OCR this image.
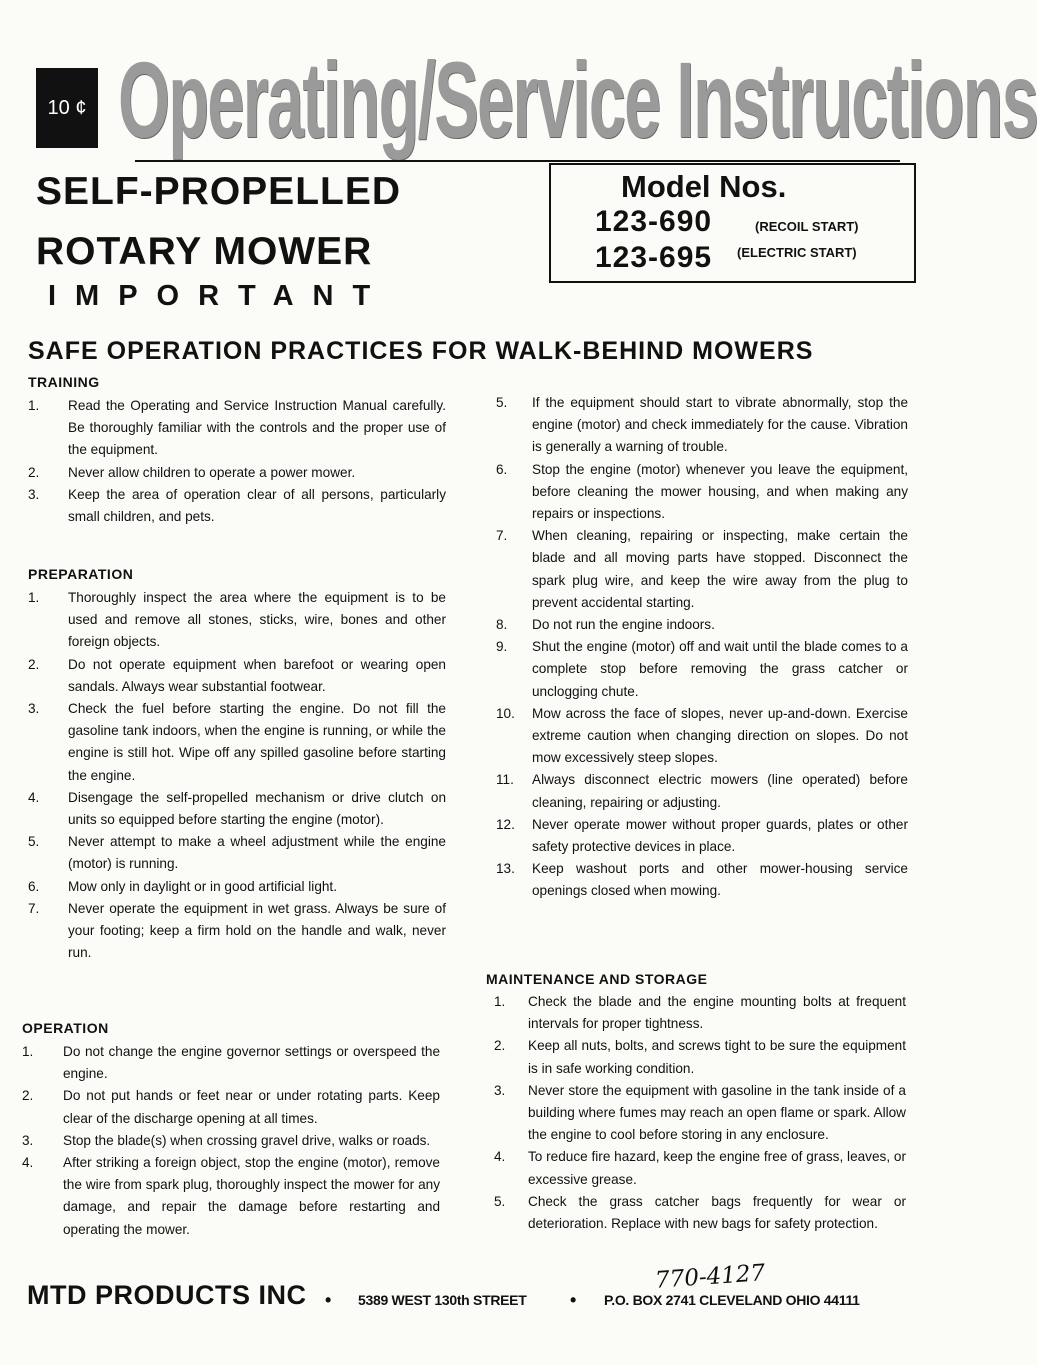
10 ¢ Operating/Service Instructions
SELF-PROPELLED
ROTARY MOWER
IMPORTANT
Model Nos.
123-690	(RECOIL START)
123-695 (ELECTRIC START)
SAFE OPERATION PRACTICES FOR WALK-BEHIND MOWERS
TRAINING
1. Read the Operating and Service Instruction Manual carefully. Be thoroughly familiar with the controls and the proper use of the equipment.
2. Never allow children to operate a power mower.
3. Keep the area of operation clear of all persons, particularly small children, and pets.
PREPARATION
1. Thoroughly inspect the area where the equipment is to be used and remove all stones, sticks, wire, bones and other foreign objects.
2. Do not operate equipment when barefoot or wearing open sandals. Always wear substantial footwear.
3. Check the fuel before starting the engine. Do not fill the gasoline tank indoors, when the engine is running, or while the engine is still hot. Wipe off any spilled gasoline before starting the engine.
4. Disengage the self-propelled mechanism or drive clutch on units so equipped before starting the engine (motor).
5. Never attempt to make a wheel adjustment while the engine (motor) is running.
6. Mow only in daylight or in good artificial light.
7. Never operate the equipment in wet grass. Always be sure of your footing; keep a firm hold on the handle and walk, never run.
OPERATION
1. Do not change the engine governor settings or overspeed the engine.
2. Do not put hands or feet near or under rotating parts. Keep clear of the discharge opening at all times.
3. Stop the blade(s) when crossing gravel drive, walks or roads.
4. After striking a foreign object, stop the engine (motor), remove the wire from spark plug, thoroughly inspect the mower for any damage, and repair the damage before restarting and operating the mower.
5. If the equipment should start to vibrate abnormally, stop the engine (motor) and check immediately for the cause. Vibration is generally a warning of trouble.
6. Stop the engine (motor) whenever you leave the equipment, before cleaning the mower housing, and when making any repairs or inspections.
7. When cleaning, repairing or inspecting, make certain the blade and all moving parts have stopped. Disconnect the spark plug wire, and keep the wire away from the plug to prevent accidental starting.
8. Do not run the engine indoors.
9. Shut the engine (motor) off and wait until the blade comes to a complete stop before removing the grass catcher or unclogging chute.
10. Mow across the face of slopes, never up-and-down. Exercise extreme caution when changing direction on slopes. Do not mow excessively steep slopes.
11. Always disconnect electric mowers (line operated) before cleaning, repairing or adjusting.
12. Never operate mower without proper guards, plates or other safety protective devices in place.
13. Keep washout ports and other mower-housing service openings closed when mowing.
MAINTENANCE AND STORAGE
1. Check the blade and the engine mounting bolts at frequent intervals for proper tightness.
2. Keep all nuts, bolts, and screws tight to be sure the equipment is in safe working condition.
3. Never store the equipment with gasoline in the tank inside of a building where fumes may reach an open flame or spark. Allow the engine to cool before storing in any enclosure.
4. To reduce fire hazard, keep the engine free of grass, leaves, or excessive grease.
5. Check the grass catcher bags frequently for wear or deterioration. Replace with new bags for safety protection.
770-4127
MTD PRODUCTS INC • 5389 WEST 130th STREET • P.O. BOX 2741 CLEVELAND OHIO 44111
